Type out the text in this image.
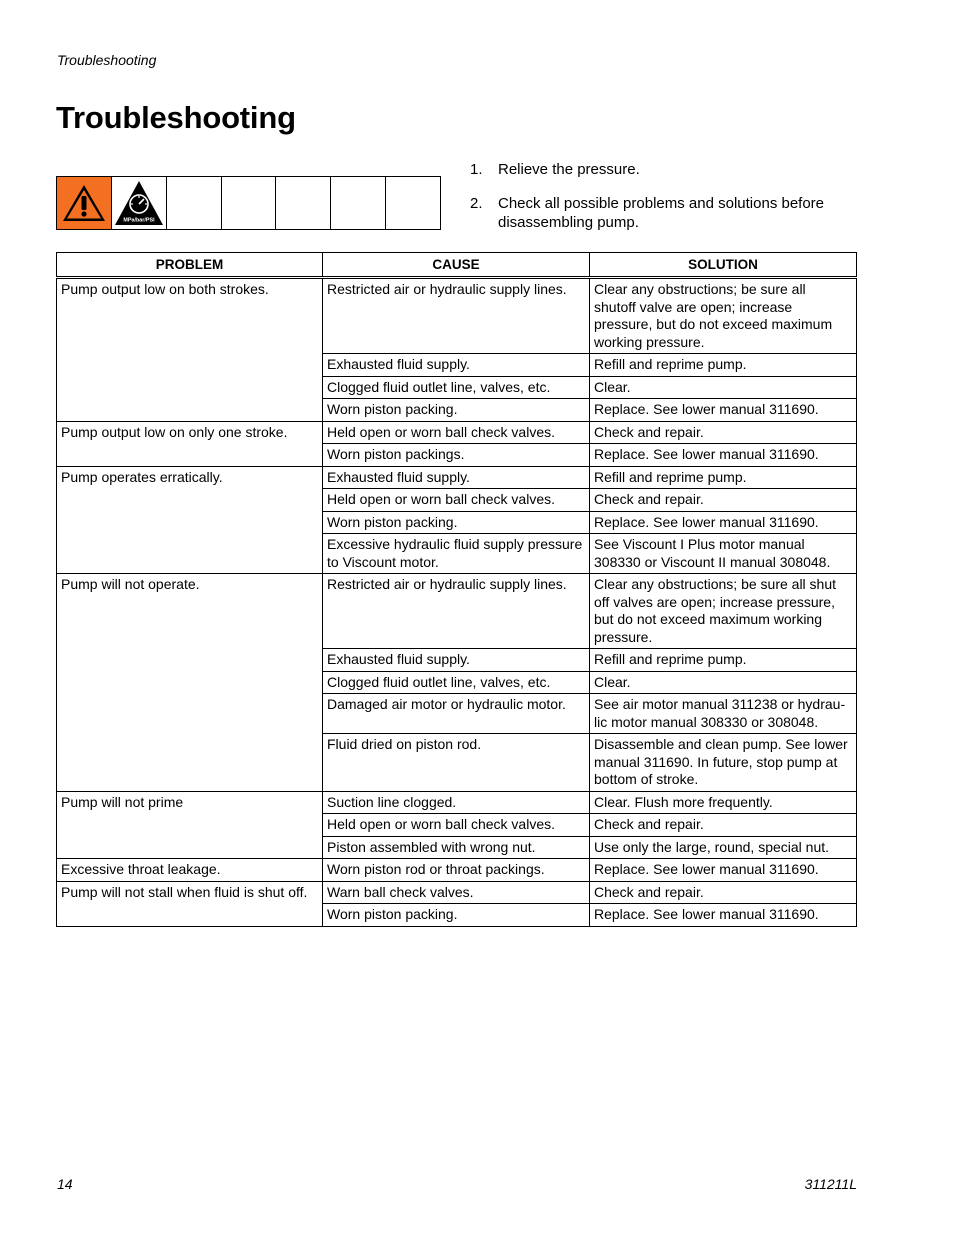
Troubleshooting
Troubleshooting
MPa/bar/PSI
1.	Relieve the pressure.
2.	Check all possible problems and solutions before disassembling pump.
PROBLEM	CAUSE	SOLUTION
Pump output low on both strokes.	Restricted air or hydraulic supply lines.	Clear any obstructions; be sure all shutoff valve are open; increase pressure, but do not exceed maximum working pressure.
	Exhausted fluid supply.	Refill and reprime pump.
	Clogged fluid outlet line, valves, etc.	Clear.
	Worn piston packing.	Replace. See lower manual 311690.
Pump output low on only one stroke.	Held open or worn ball check valves.	Check and repair.
	Worn piston packings.	Replace. See lower manual 311690.
Pump operates erratically.	Exhausted fluid supply.	Refill and reprime pump.
	Held open or worn ball check valves.	Check and repair.
	Worn piston packing.	Replace. See lower manual 311690.
	Excessive hydraulic fluid supply pressure to Viscount motor.	See Viscount I Plus motor manual 308330 or Viscount II manual 308048.
Pump will not operate.	Restricted air or hydraulic supply lines.	Clear any obstructions; be sure all shut off valves are open; increase pressure, but do not exceed maximum working pressure.
	Exhausted fluid supply.	Refill and reprime pump.
	Clogged fluid outlet line, valves, etc.	Clear.
	Damaged air motor or hydraulic motor.	See air motor manual 311238 or hydrau-lic motor manual 308330 or 308048.
	Fluid dried on piston rod.	Disassemble and clean pump. See lower manual 311690. In future, stop pump at bottom of stroke.
Pump will not prime	Suction line clogged.	Clear. Flush more frequently.
	Held open or worn ball check valves.	Check and repair.
	Piston assembled with wrong nut.	Use only the large, round, special nut.
Excessive throat leakage.	Worn piston rod or throat packings.	Replace. See lower manual 311690.
Pump will not stall when fluid is shut off.	Warn ball check valves.	Check and repair.
	Worn piston packing.	Replace. See lower manual 311690.
14	311211L
